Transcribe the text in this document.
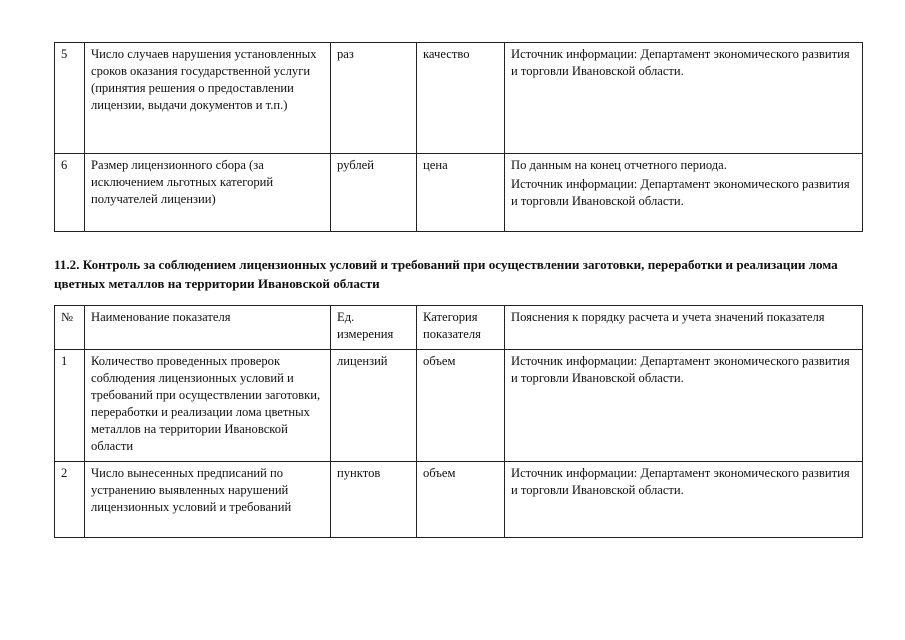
5	Число случаев нарушения установленных сроков оказания государственной услуги (принятия решения о предоставлении лицензии, выдачи документов и т.п.)	раз	качество	Источник информации: Департамент экономического развития и торговли Ивановской области.

6	Размер лицензионного сбора (за исключением льготных категорий получателей лицензии)	рублей	цена	По данным на конец отчетного периода.
Источник информации: Департамент экономического развития и торговли Ивановской области.
11.2. Контроль за соблюдением лицензионных условий и требований при осуществлении заготовки, переработки и реализации лома цветных металлов на территории Ивановской области
№	Наименование показателя	Ед. измерения	Категория показателя	Пояснения к порядку расчета и учета значений показателя
1	Количество проведенных проверок соблюдения лицензионных условий и требований при осуществлении заготовки, переработки и реализации лома цветных металлов на территории Ивановской области	лицензий	объем	Источник информации: Департамент экономического развития и торговли Ивановской области.
2	Число вынесенных предписаний по устранению выявленных нарушений лицензионных условий и требований	пунктов	объем	Источник информации: Департамент экономического развития и торговли Ивановской области.
